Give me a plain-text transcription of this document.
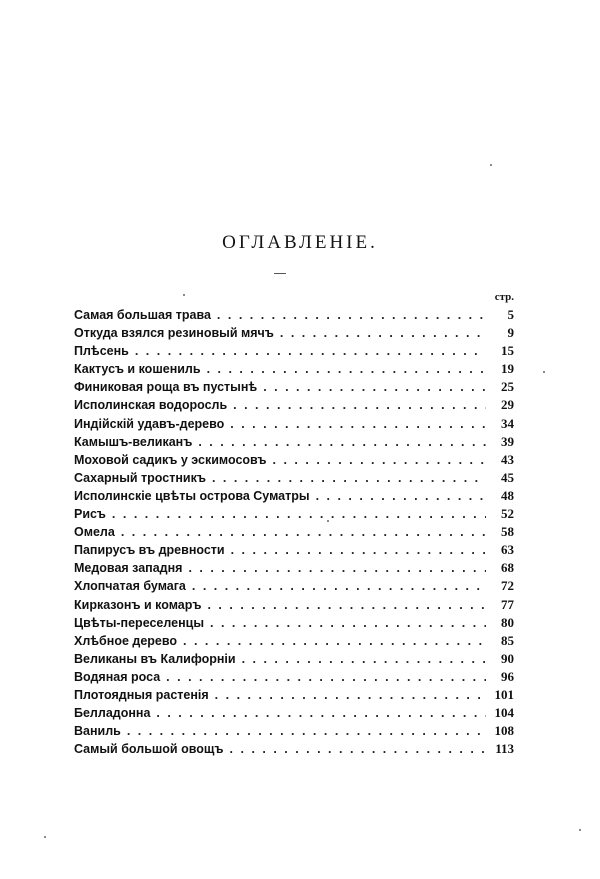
ОГЛАВЛЕНІЕ.
стр.
Самая большая трава . . .	5
Откуда взялся резиновый мячъ . . .	9
Плѣсень . . .	15
Кактусъ и кошениль . . .	19
Финиковая роща въ пустынѣ . . .	25
Исполинская водоросль . . .	29
Индійскій удавъ-дерево . . .	34
Камышъ-великанъ . . .	39
Моховой садикъ у эскимосовъ . . .	43
Сахарный тростникъ . . .	45
Исполинскіе цвѣты острова Суматры . . .	48
Рисъ . . .	52
Омела . . .	58
Папирусъ въ древности . . .	63
Медовая западня . . .	68
Хлопчатая бумага . . .	72
Кирказонъ и комаръ . . .	77
Цвѣты-переселенцы . . .	80
Хлѣбное дерево . . .	85
Великаны въ Калифорніи . . .	90
Водяная роса . . .	96
Плотоядныя растенія . . .	101
Белладонна . . .	104
Ваниль . . .	108
Самый большой овощъ . . .	113
